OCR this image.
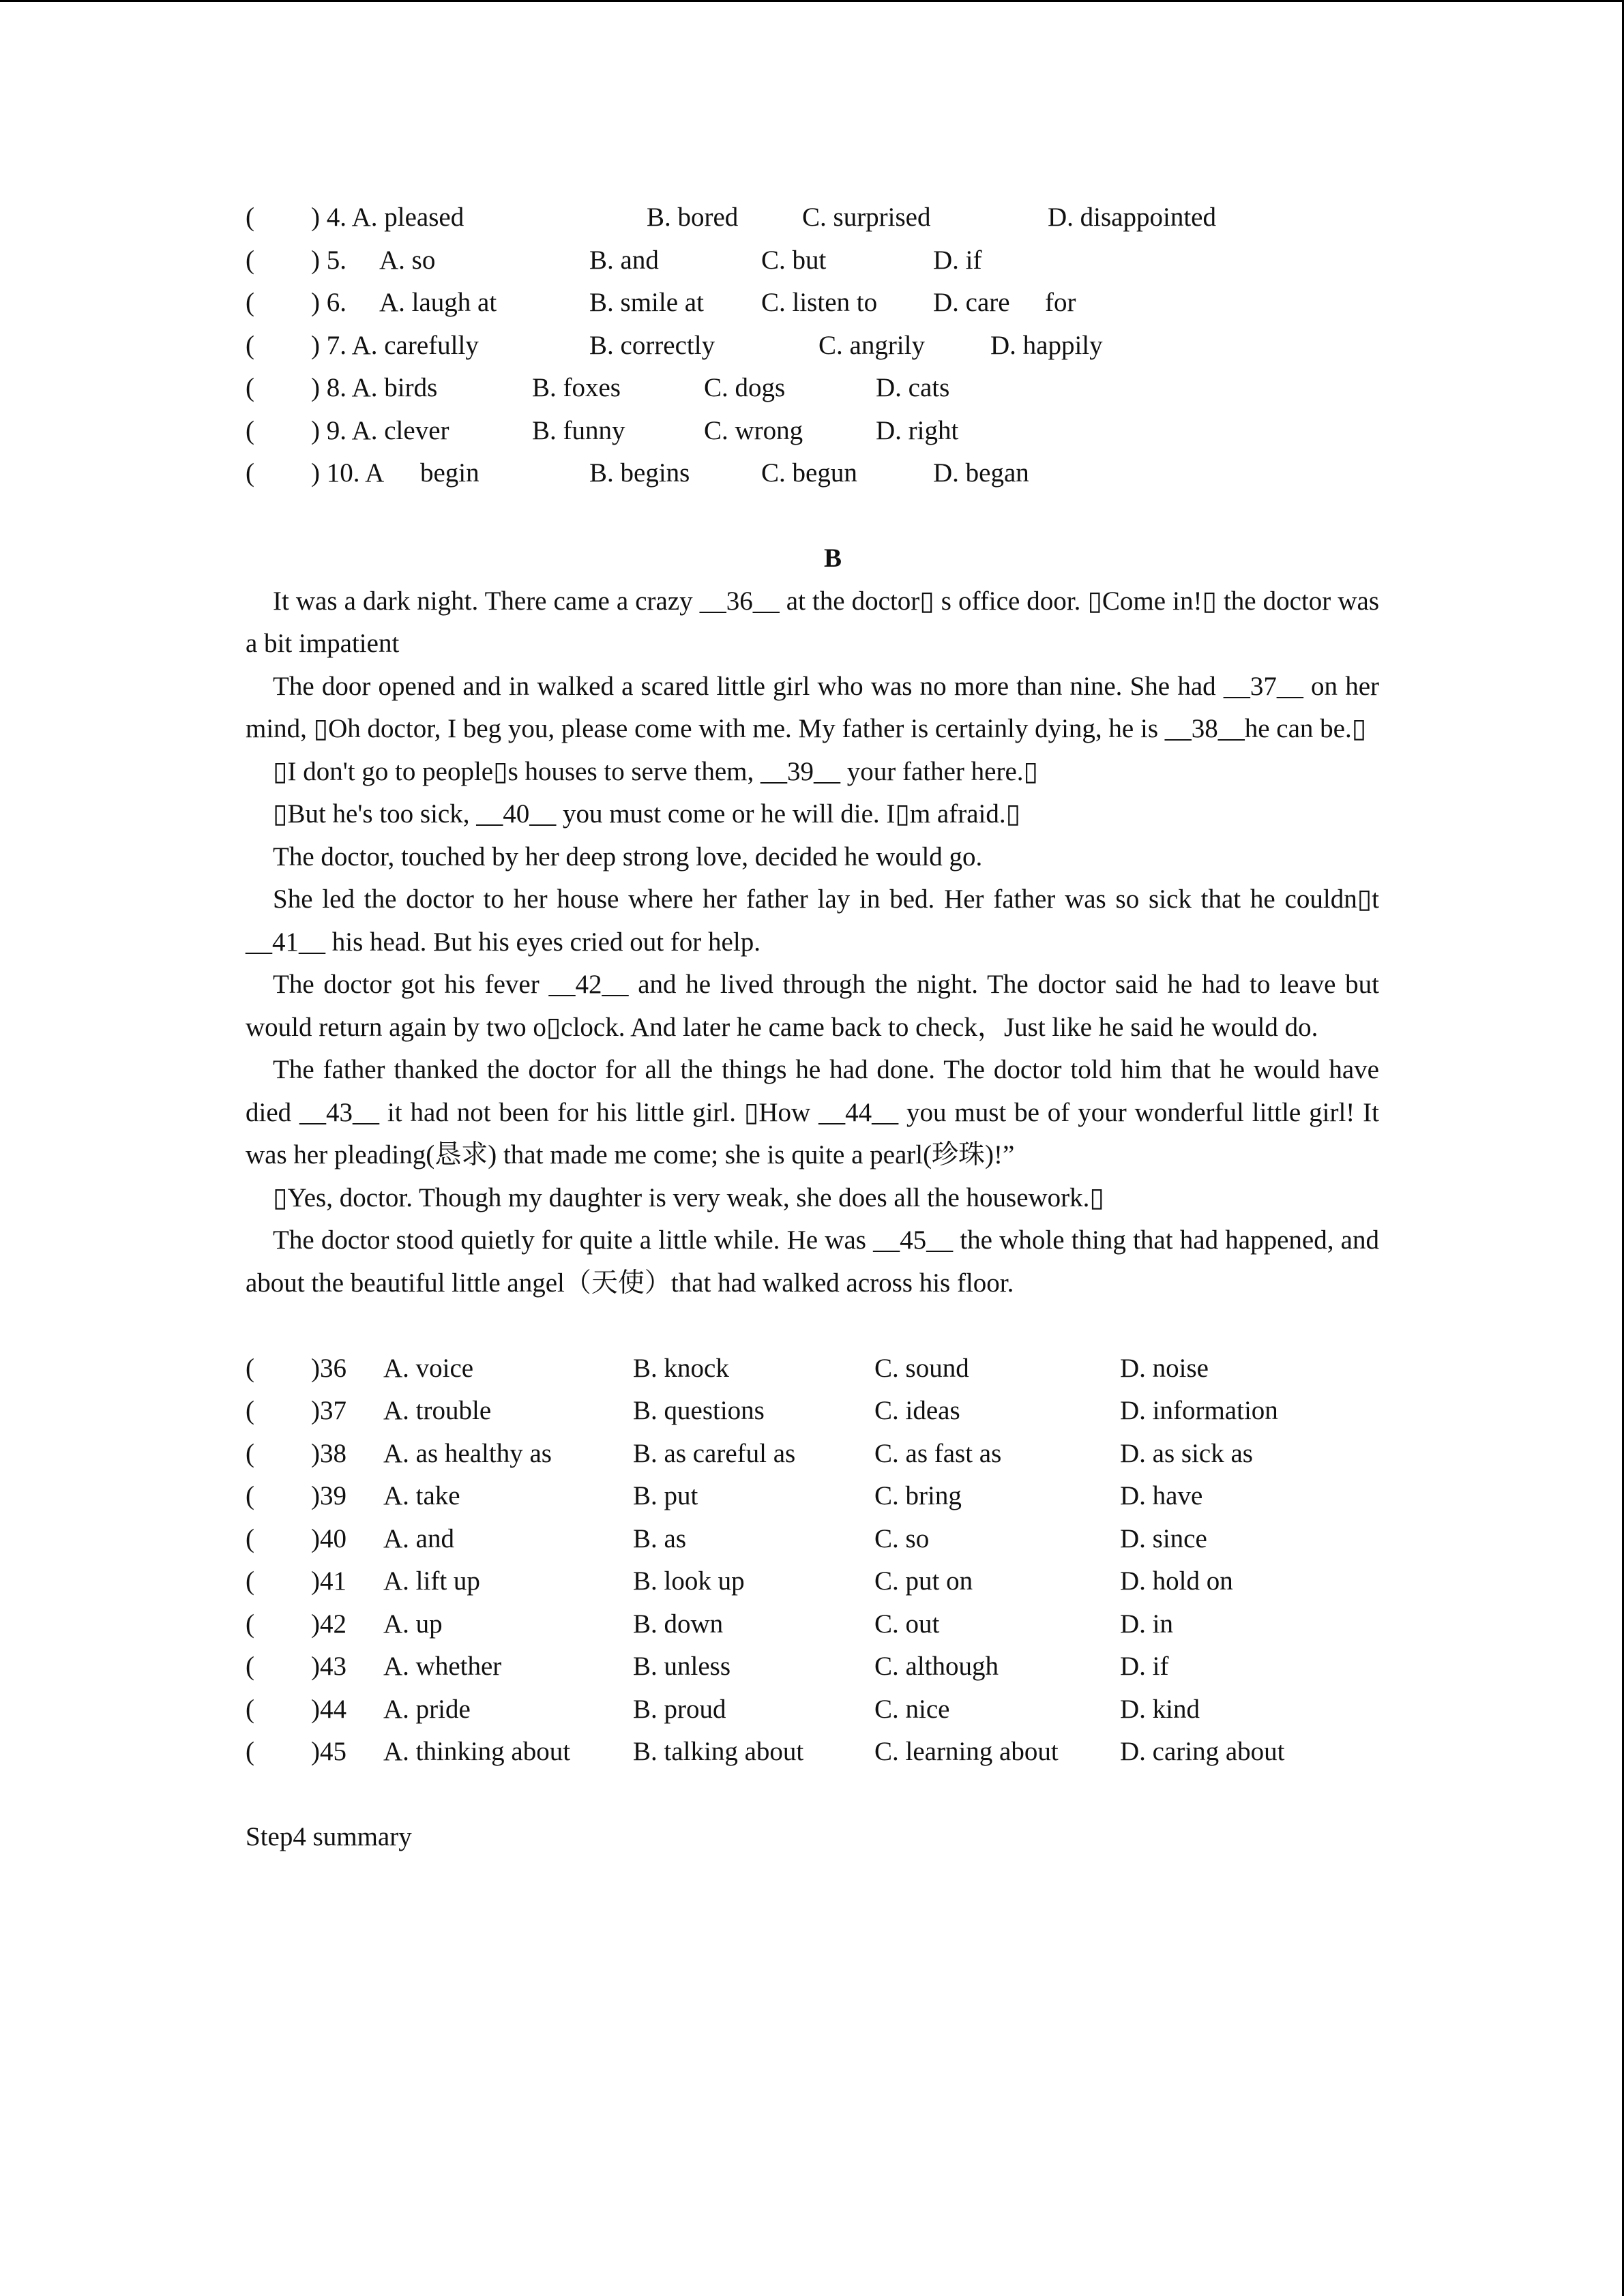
( ) 4. A. pleased	B. bored C. surprised	D. disappointed
( ) 5. A. so	B. and	C. but	D. if
( ) 6. A. laugh at	B. smile at C. listen to D. care for
( ) 7. A. carefully	B. correctly	C. angrily D. happily
( ) 8. A. birds	B. foxes	C. dogs	D. cats
( ) 9. A. clever	B. funny	C. wrong	D. right
( ) 10. A begin	B. begins	C. begun	D. began
B

It was a dark night. There came a crazy __36__ at the doctor▯ s office door. ▯Come in!▯ the doctor was a bit impatient

The door opened and in walked a scared little girl who was no more than nine. She had __37__ on her mind, ▯Oh doctor, I beg you, please come with me. My father is certainly dying, he is __38__he can be.▯

▯I don't go to people▯s houses to serve them, __39__ your father here.▯

▯But he's too sick, __40__ you must come or he will die. I▯m afraid.▯

The doctor, touched by her deep strong love, decided he would go.

She led the doctor to her house where her father lay in bed. Her father was so sick that he couldn▯t __41__ his head. But his eyes cried out for help.

The doctor got his fever __42__ and he lived through the night. The doctor said he had to leave but would return again by two o▯clock. And later he came back to check，Just like he said he would do.

The father thanked the doctor for all the things he had done. The doctor told him that he would have died __43__ it had not been for his little girl. ▯How __44__ you must be of your wonderful little girl! It was her pleading(恳求) that made me come; she is quite a pearl(珍珠)!”

▯Yes, doctor. Though my daughter is very weak, she does all the housework.▯

The doctor stood quietly for quite a little while. He was __45__ the whole thing that had happened, and about the beautiful little angel（天使）that had walked across his floor.

( )36 A. voice	B. knock	C. sound	D. noise
( )37 A. trouble	B. questions	C. ideas	D. information
( )38 A. as healthy as	B. as careful as	C. as fast as	D. as sick as
( )39 A. take	B. put	C. bring	D. have
( )40 A. and	B. as	C. so	D. since
( )41 A. lift up	B. look up	C. put on	D. hold on
( )42 A. up	B. down	C. out	D. in
( )43 A. whether	B. unless	C. although	D. if
( )44 A. pride	B. proud	C. nice	D. kind
( )45 A. thinking about B. talking about	C. learning about D. caring about
Step4 summary
